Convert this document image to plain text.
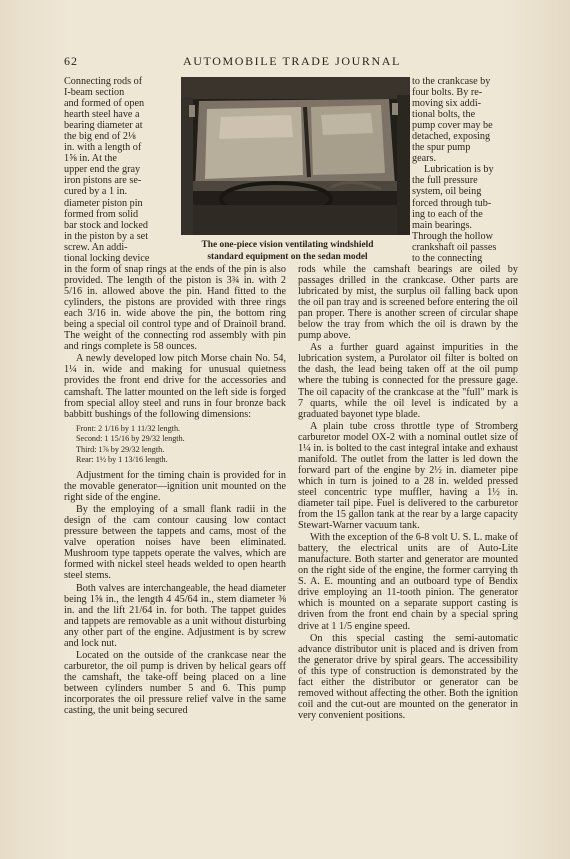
62	AUTOMOBILE TRADE JOURNAL

Connecting rods of

I-beam section

and formed of open

hearth steel have a

bearing diameter at

the big end of 2⅛

in. with a length of

1⅝ in. At the

upper end the gray

iron pistons are se-

cured by a 1 in.

diameter piston pin

formed from solid

bar stock and locked

in the piston by a set

screw. An addi-

tional locking device

The one-piece vision ventilating windshield
standard equipment on the sedan model

to the crankcase by

four bolts. By re-

moving six addi-

tional bolts, the

pump cover may be

detached, exposing

the spur pump

gears.

Lubrication is by

the full pressure

system, oil being

forced through tub-

ing to each of the

main bearings.

Through the hollow

crankshaft oil passes

to the connecting

in the form of snap rings at the ends of the pin is also provided. The length of the piston is 3¾ in. with 2 5/16 in. allowed above the pin. Hand fitted to the cylinders, the pistons are provided with three rings each 3/16 in. wide above the pin, the bottom ring being a special oil control type and of Drainoil brand. The weight of the connecting rod assembly with pin and rings complete is 58 ounces.

A newly developed low pitch Morse chain No. 54, 1¼ in. wide and making for unusual quietness provides the front end drive for the accessories and camshaft. The latter mounted on the left side is forged from special alloy steel and runs in four bronze back babbitt bushings of the following dimensions:

Front: 2 1/16 by 1 11/32 length.

Second: 1 15/16 by 29/32 length.

Third: 1⅞ by 29/32 length.

Rear: 1½ by 1 13/16 length.

Adjustment for the timing chain is provided for in the movable generator—ignition unit mounted on the right side of the engine.

By the employing of a small flank radii in the design of the cam contour causing low contact pressure between the tappets and cams, most of the valve operation noises have been eliminated. Mushroom type tappets operate the valves, which are formed with nickel steel heads welded to open hearth steel stems.

Both valves are interchangeable, the head diameter being 1⅝ in., the length 4 45/64 in., stem diameter ⅜ in. and the lift 21/64 in. for both. The tappet guides and tappets are removable as a unit without disturbing any other part of the engine. Adjustment is by screw and lock nut.

Located on the outside of the crankcase near the carburetor, the oil pump is driven by helical gears off the camshaft, the take-off being placed on a line between cylinders number 5 and 6. This pump incorporates the oil pressure relief valve in the same casting, the unit being secured

rods while the camshaft bearings are oiled by passages drilled in the crankcase. Other parts are lubricated by mist, the surplus oil falling back upon the oil pan tray and is screened before entering the oil pan proper. There is another screen of circular shape below the tray from which the oil is drawn by the pump above.

As a further guard against impurities in the lubrication system, a Purolator oil filter is bolted on the dash, the lead being taken off at the oil pump where the tubing is connected for the pressure gage. The oil capacity of the crankcase at the "full" mark is 7 quarts, while the oil level is indicated by a graduated bayonet type blade.

A plain tube cross throttle type of Stromberg carburetor model OX-2 with a nominal outlet size of 1¼ in. is bolted to the cast integral intake and exhaust manifold. The outlet from the latter is led down the forward part of the engine by 2½ in. diameter pipe which in turn is joined to a 28 in. welded pressed steel concentric type muffler, having a 1½ in. diameter tail pipe. Fuel is delivered to the carburetor from the 15 gallon tank at the rear by a large capacity Stewart-Warner vacuum tank.

With the exception of the 6-8 volt U. S. L. make of battery, the electrical units are of Auto-Lite manufacture. Both starter and generator are mounted on the right side of the engine, the former carrying th S. A. E. mounting and an outboard type of Bendix drive employing an 11-tooth pinion. The generator which is mounted on a separate support casting is driven from the front end chain by a special spring drive at 1 1/5 engine speed.

On this special casting the semi-automatic advance distributor unit is placed and is driven from the generator drive by spiral gears. The accessibility of this type of construction is demonstrated by the fact either the distributor or generator can be removed without affecting the other. Both the ignition coil and the cut-out are mounted on the generator in very convenient positions.
